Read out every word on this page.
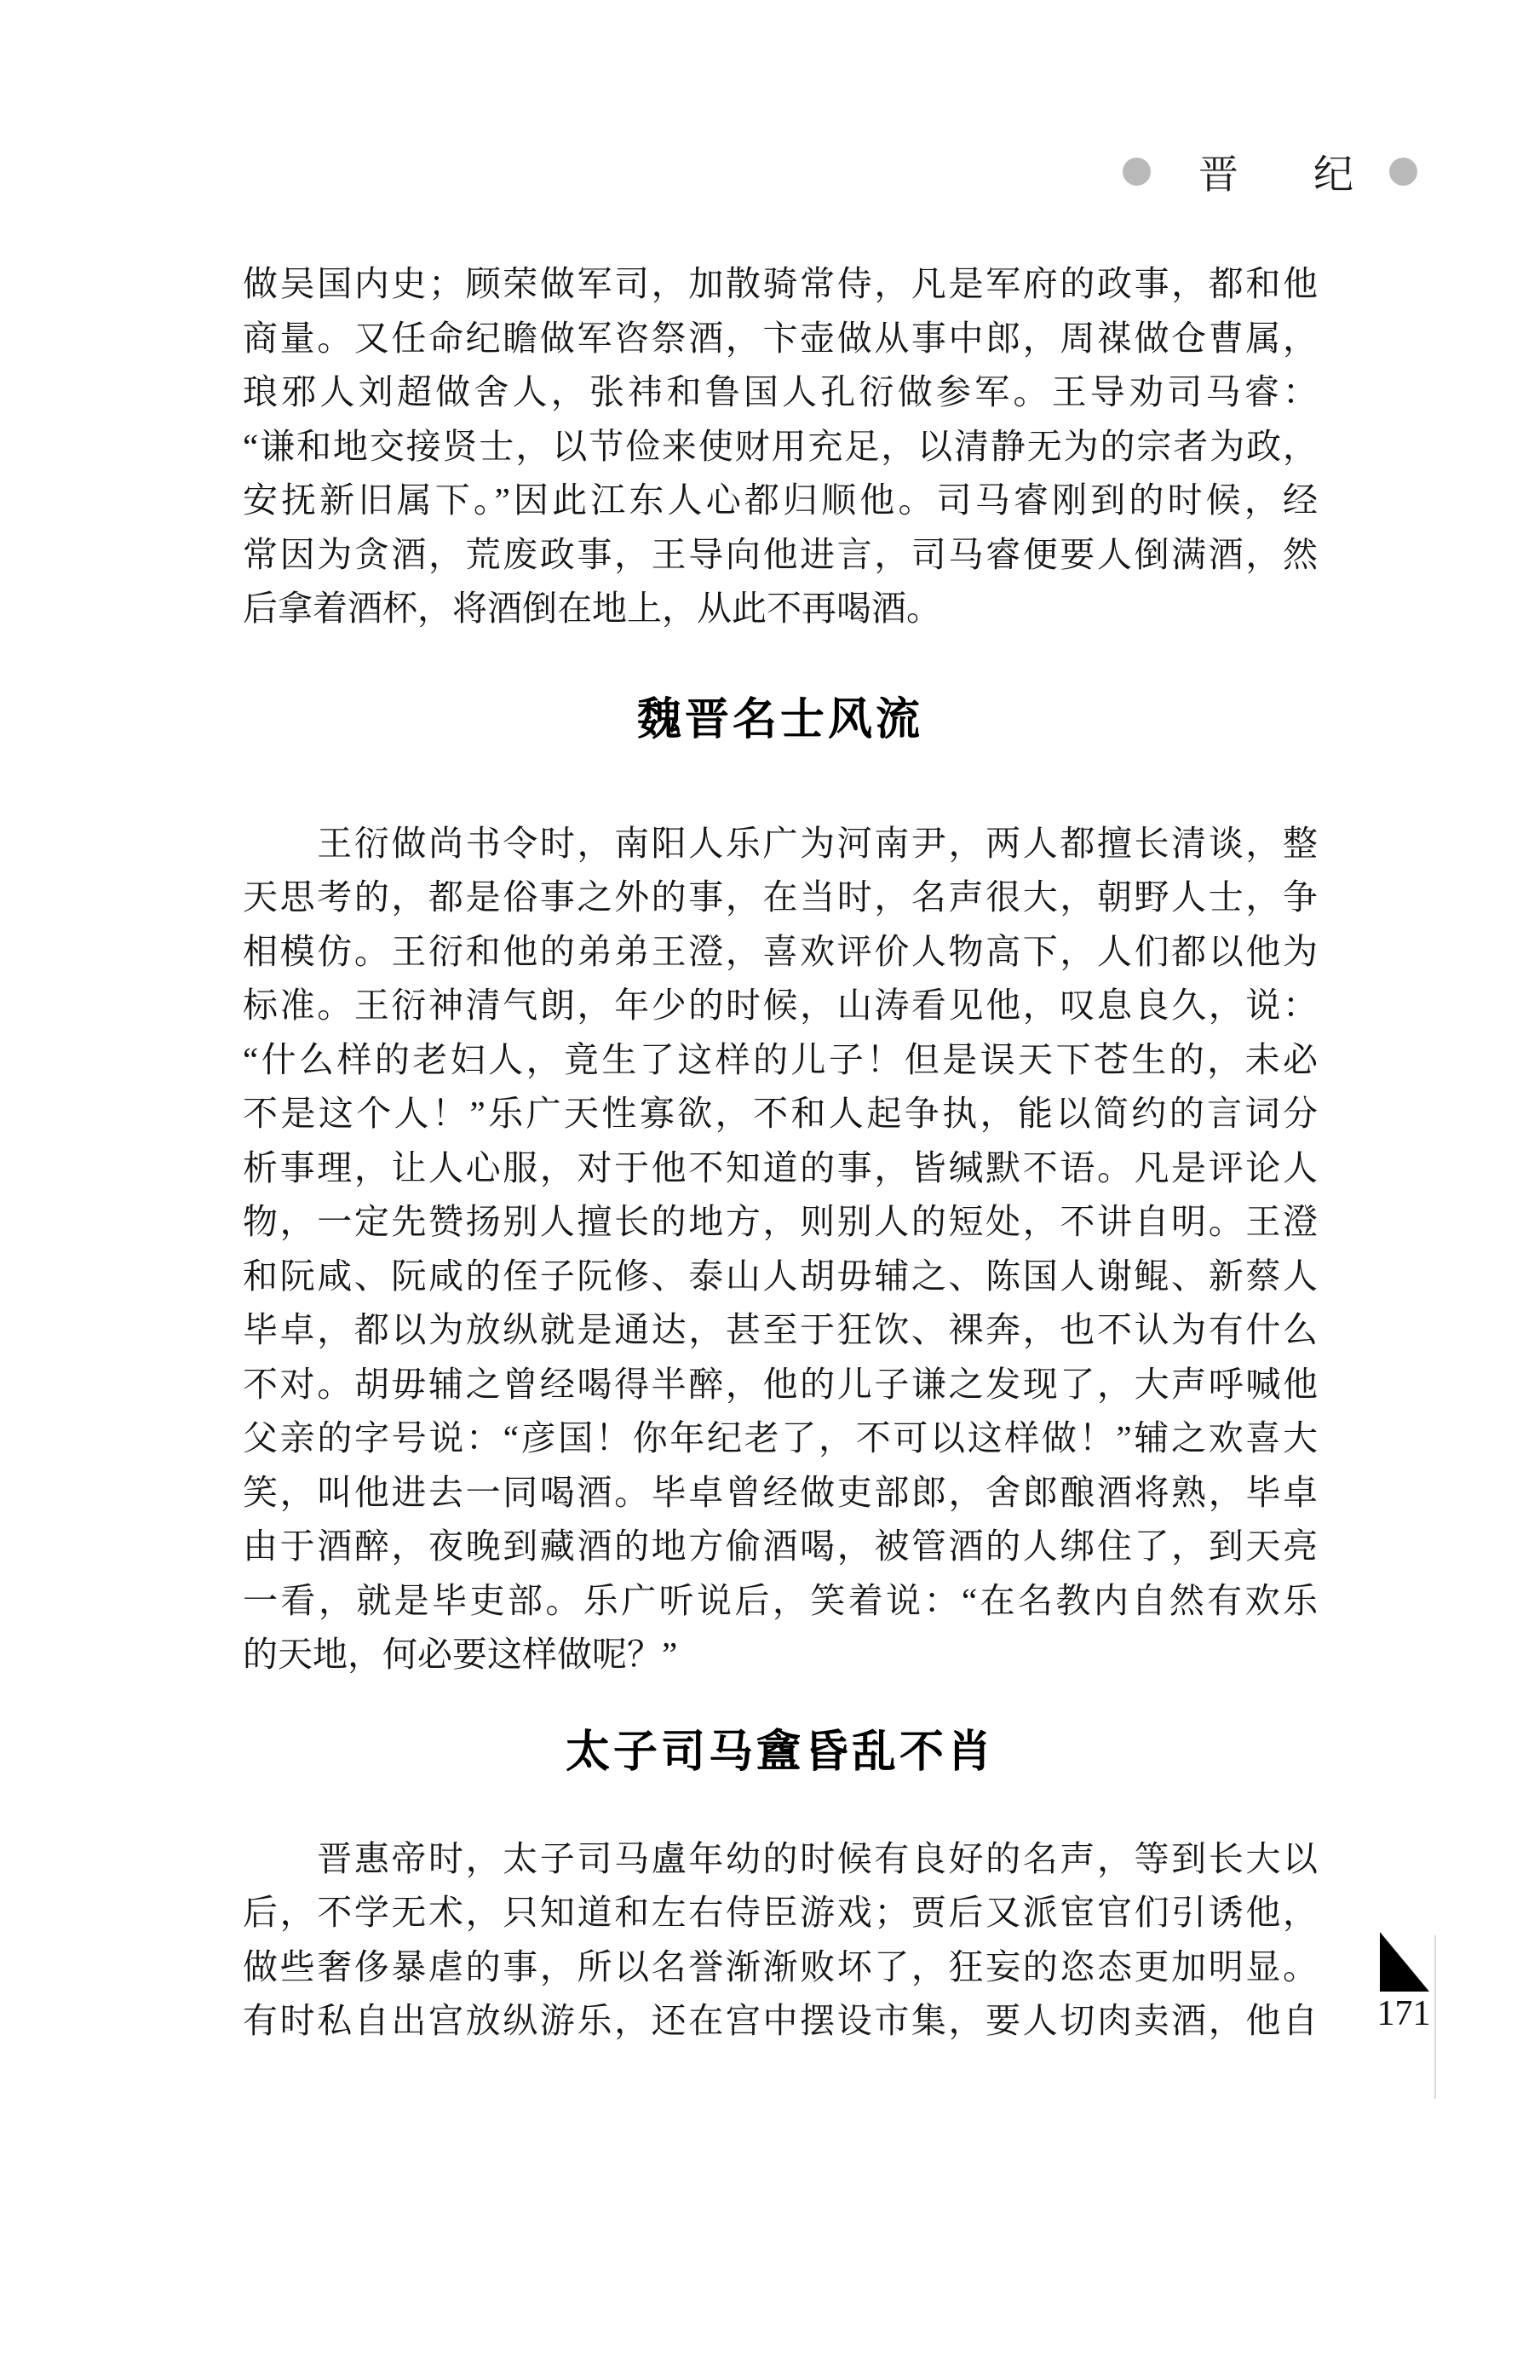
晋 纪
做吴国内史；顾荣做军司，加散骑常侍，凡是军府的政事，都和他
商量。又任命纪瞻做军咨祭酒，卞壶做从事中郎，周禖做仓曹属，
琅邪人刘超做舍人，张祎和鲁国人孔衍做参军。王导劝司马睿：
“谦和地交接贤士，以节俭来使财用充足，以清静无为的宗者为政，
安抚新旧属下。”因此江东人心都归顺他。司马睿刚到的时候，经
常因为贪酒，荒废政事，王导向他进言，司马睿便要人倒满酒，然
后拿着酒杯，将酒倒在地上，从此不再喝酒。
魏晋名士风流
　　王衍做尚书令时，南阳人乐广为河南尹，两人都擅长清谈，整
天思考的，都是俗事之外的事，在当时，名声很大，朝野人士，争
相模仿。王衍和他的弟弟王澄，喜欢评价人物高下，人们都以他为
标准。王衍神清气朗，年少的时候，山涛看见他，叹息良久，说：
“什么样的老妇人，竟生了这样的儿子！但是误天下苍生的，未必
不是这个人！”乐广天性寡欲，不和人起争执，能以简约的言词分
析事理，让人心服，对于他不知道的事，皆缄默不语。凡是评论人
物，一定先赞扬别人擅长的地方，则别人的短处，不讲自明。王澄
和阮咸、阮咸的侄子阮修、泰山人胡毋辅之、陈国人谢鲲、新蔡人
毕卓，都以为放纵就是通达，甚至于狂饮、裸奔，也不认为有什么
不对。胡毋辅之曾经喝得半醉，他的儿子谦之发现了，大声呼喊他
父亲的字号说：“彦国！你年纪老了，不可以这样做！”辅之欢喜大
笑，叫他进去一同喝酒。毕卓曾经做吏部郎，舍郎酿酒将熟，毕卓
由于酒醉，夜晚到藏酒的地方偷酒喝，被管酒的人绑住了，到天亮
一看，就是毕吏部。乐广听说后，笑着说：“在名教内自然有欢乐
的天地，何必要这样做呢？”
太子司马盦昏乱不肖
　　晋惠帝时，太子司马盧年幼的时候有良好的名声，等到长大以
后，不学无术，只知道和左右侍臣游戏；贾后又派宦官们引诱他，
做些奢侈暴虐的事，所以名誉渐渐败坏了，狂妄的恣态更加明显。
有时私自出宫放纵游乐，还在宫中摆设市集，要人切肉卖酒，他自 171
